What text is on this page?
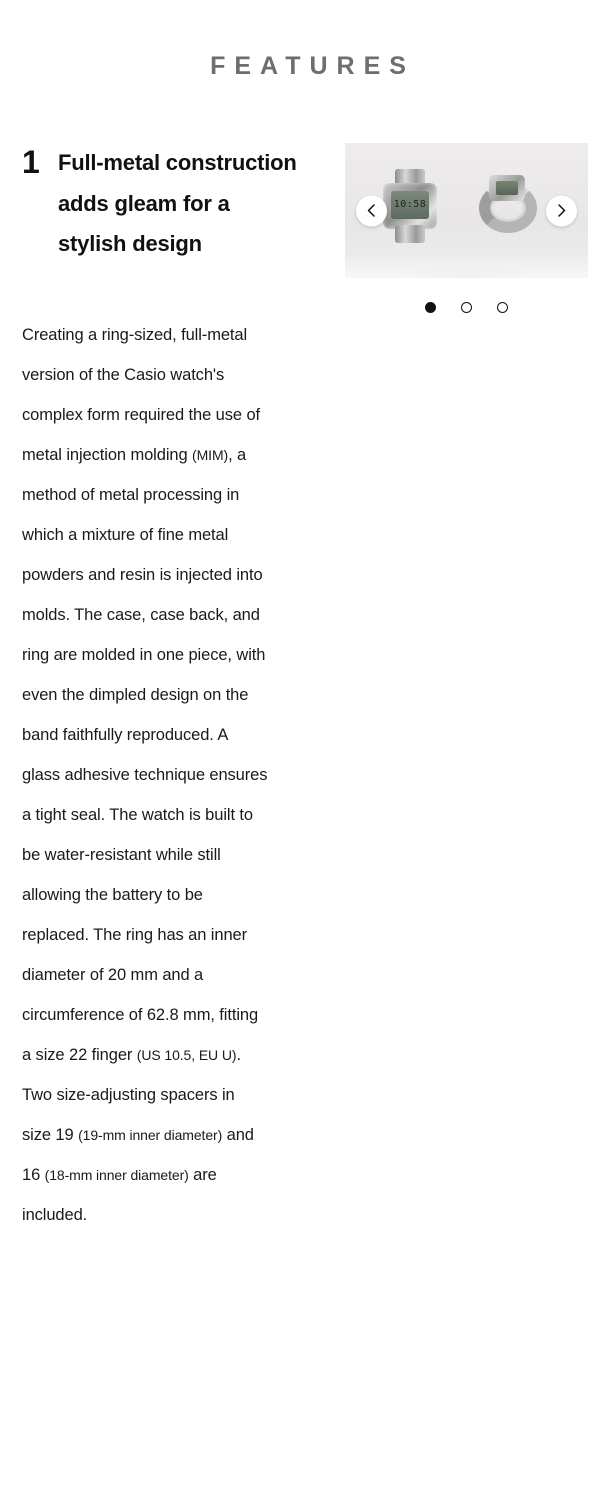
FEATURES
1 Full-metal construction adds gleam for a stylish design
Creating a ring-sized, full-metal version of the Casio watch's complex form required the use of metal injection molding (MIM), a method of metal processing in which a mixture of fine metal powders and resin is injected into molds. The case, case back, and ring are molded in one piece, with even the dimpled design on the band faithfully reproduced. A glass adhesive technique ensures a tight seal. The watch is built to be water-resistant while still allowing the battery to be replaced. The ring has an inner diameter of 20 mm and a circumference of 62.8 mm, fitting a size 22 finger (US 10.5, EU U). Two size-adjusting spacers in size 19 (19-mm inner diameter) and 16 (18-mm inner diameter) are included.
10:58
